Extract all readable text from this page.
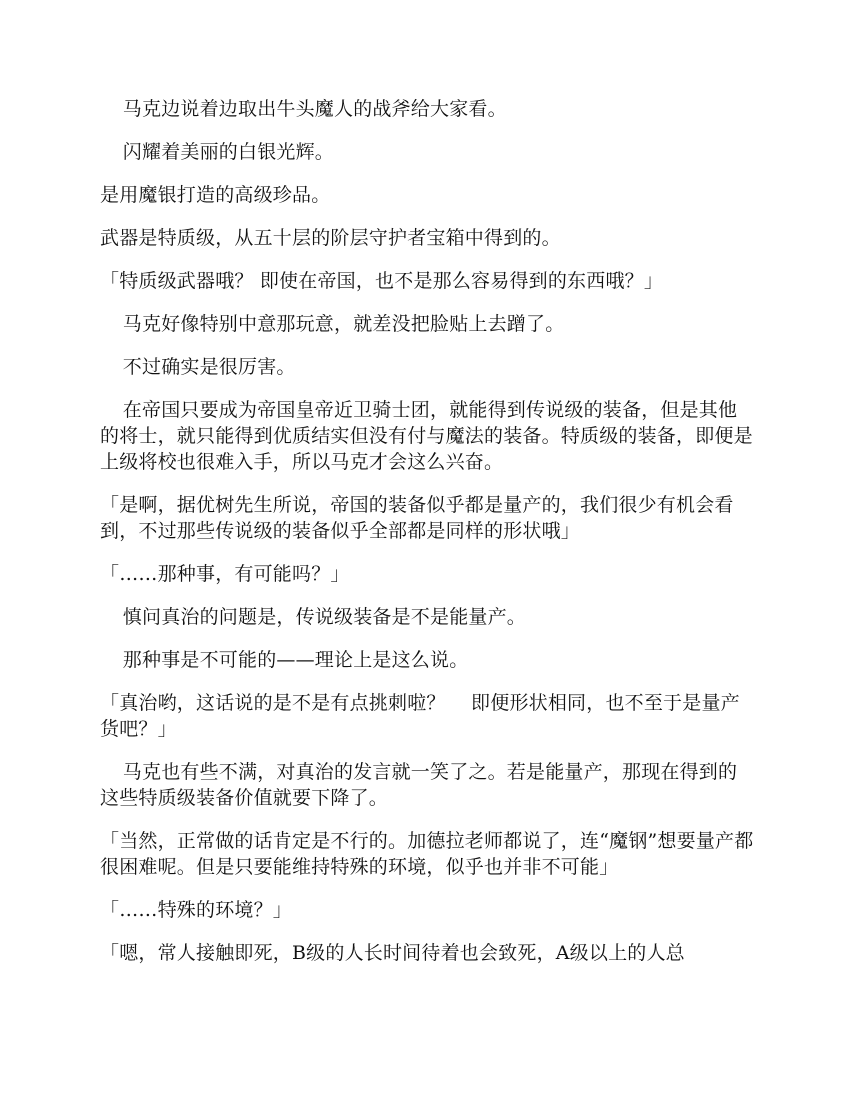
马克边说着边取出牛头魔人的战斧给大家看。

闪耀着美丽的白银光辉。

是用魔银打造的高级珍品。

武器是特质级，从五十层的阶层守护者宝箱中得到的。

「特质级武器哦？ 即使在帝国，也不是那么容易得到的东西哦？」

马克好像特别中意那玩意，就差没把脸贴上去蹭了。

不过确实是很厉害。

在帝国只要成为帝国皇帝近卫骑士团，就能得到传说级的装备，但是其他的将士，就只能得到优质结实但没有付与魔法的装备。特质级的装备，即便是上级将校也很难入手，所以马克才会这么兴奋。

「是啊，据优树先生所说，帝国的装备似乎都是量产的，我们很少有机会看到，不过那些传说级的装备似乎全部都是同样的形状哦」

「……那种事，有可能吗？」

慎问真治的问题是，传说级装备是不是能量产。

那种事是不可能的——理论上是这么说。

「真治哟，这话说的是不是有点挑刺啦？　 即便形状相同，也不至于是量产货吧？」

马克也有些不满，对真治的发言就一笑了之。若是能量产，那现在得到的这些特质级装备价值就要下降了。

「当然，正常做的话肯定是不行的。加德拉老师都说了，连“魔钢”想要量产都很困难呢。但是只要能维持特殊的环境，似乎也并非不可能」

「……特殊的环境？」

「嗯，常人接触即死，B级的人长时间待着也会致死，A级以上的人总
